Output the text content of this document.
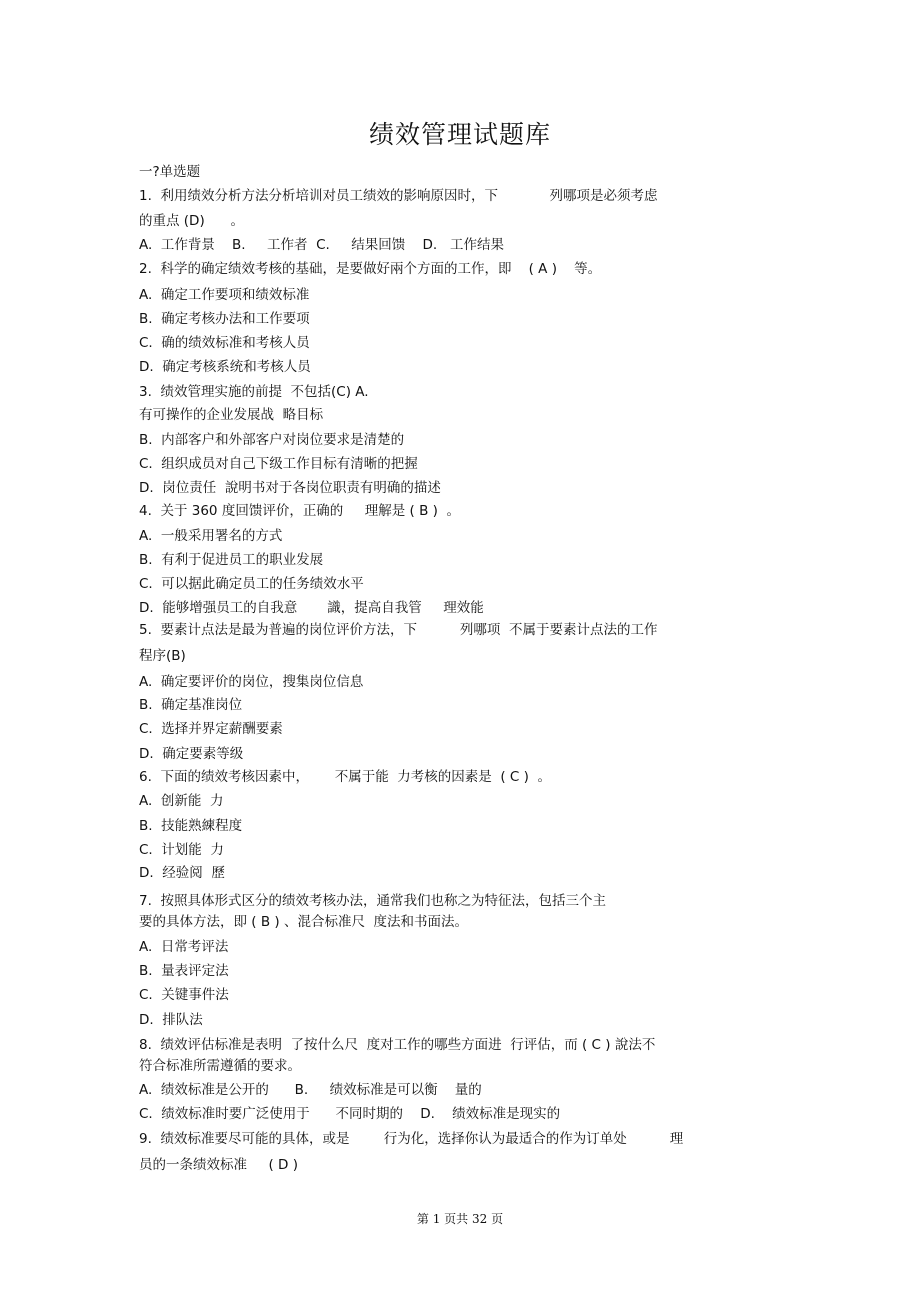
绩效管理试题库
一?单选题
1.  利用绩效分析方法分析培训对员工绩效的影响原因时，下            列哪项是必须考虑
的重点 (D)      。
A.  工作背景    B.     工作者  C.     结果回馈    D.   工作结果
2.  科学的确定绩效考核的基础，是要做好兩个方面的工作，即    ( A )    等。
A.  确定工作要项和绩效标准
B.  确定考核办法和工作要项
C.  确的绩效标准和考核人员
D.  确定考核系统和考核人员
3.  绩效管理实施的前提  不包括(C) A.
有可操作的企业发展战  略目标
B.  内部客户和外部客户对岗位要求是清楚的
C.  组织成员对自己下级工作目标有清晰的把握
D.  岗位责任  說明书对于各岗位职责有明确的描述
4.  关于 360 度回馈评价，正确的     理解是 ( B )  。
A.  一般采用署名的方式
B.  有利于促进员工的职业发展
C.  可以据此确定员工的任务绩效水平
D.  能够增强员工的自我意       識，提高自我管     理效能
5.  要素计点法是最为普遍的岗位评价方法，下          列哪项  不属于要素计点法的工作
程序(B)
A.  确定要评价的岗位，搜集岗位信息
B.  确定基准岗位
C.  选择并界定薪酬要素
D.  确定要素等级
6.  下面的绩效考核因素中，      不属于能  力考核的因素是  ( C )  。
A.  创新能  力
B.  技能熟練程度
C.  计划能  力
D.  经验阅  歷
7.  按照具体形式区分的绩效考核办法，通常我们也称之为特征法，包括三个主
要的具体方法，即 ( B ) 、混合标准尺  度法和书面法。
A.  日常考评法
B.  量表评定法
C.  关键事件法
D.  排队法
8.  绩效评估标准是表明  了按什么尺  度对工作的哪些方面进  行评估，而 ( C ) 說法不
符合标准所需遵循的要求。
A.  绩效标准是公开的      B.     绩效标准是可以衡    量的
C.  绩效标准时要广泛使用于      不同时期的    D.    绩效标准是现实的
9.  绩效标准要尽可能的具体，或是        行为化，选择你认为最适合的作为订单处          理
员的一条绩效标准     ( D )
第 1 页共 32 页
